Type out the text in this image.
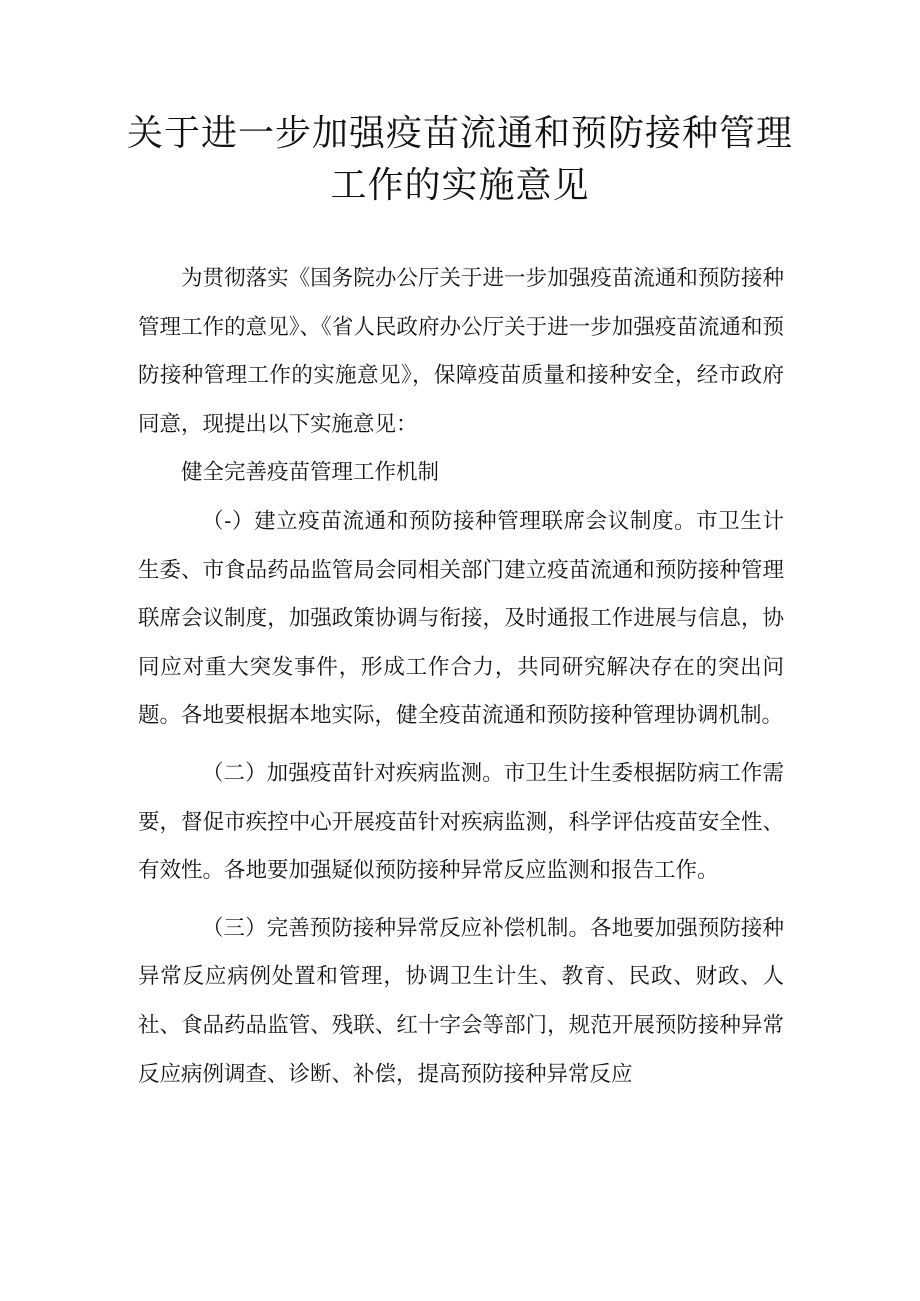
关于进一步加强疫苗流通和预防接种管理
工作的实施意见

为贯彻落实《国务院办公厅关于进一步加强疫苗流通和预防接种管理工作的意见》、《省人民政府办公厅关于进一步加强疫苗流通和预防接种管理工作的实施意见》，保障疫苗质量和接种安全，经市政府同意，现提出以下实施意见：

健全完善疫苗管理工作机制

（-）建立疫苗流通和预防接种管理联席会议制度。市卫生计生委、市食品药品监管局会同相关部门建立疫苗流通和预防接种管理联席会议制度，加强政策协调与衔接，及时通报工作进展与信息，协同应对重大突发事件，形成工作合力，共同研究解决存在的突出问题。各地要根据本地实际，健全疫苗流通和预防接种管理协调机制。

（二）加强疫苗针对疾病监测。市卫生计生委根据防病工作需要，督促市疾控中心开展疫苗针对疾病监测，科学评估疫苗安全性、有效性。各地要加强疑似预防接种异常反应监测和报告工作。

（三）完善预防接种异常反应补偿机制。各地要加强预防接种异常反应病例处置和管理，协调卫生计生、教育、民政、财政、人社、食品药品监管、残联、红十字会等部门，规范开展预防接种异常反应病例调查、诊断、补偿，提高预防接种异常反应
